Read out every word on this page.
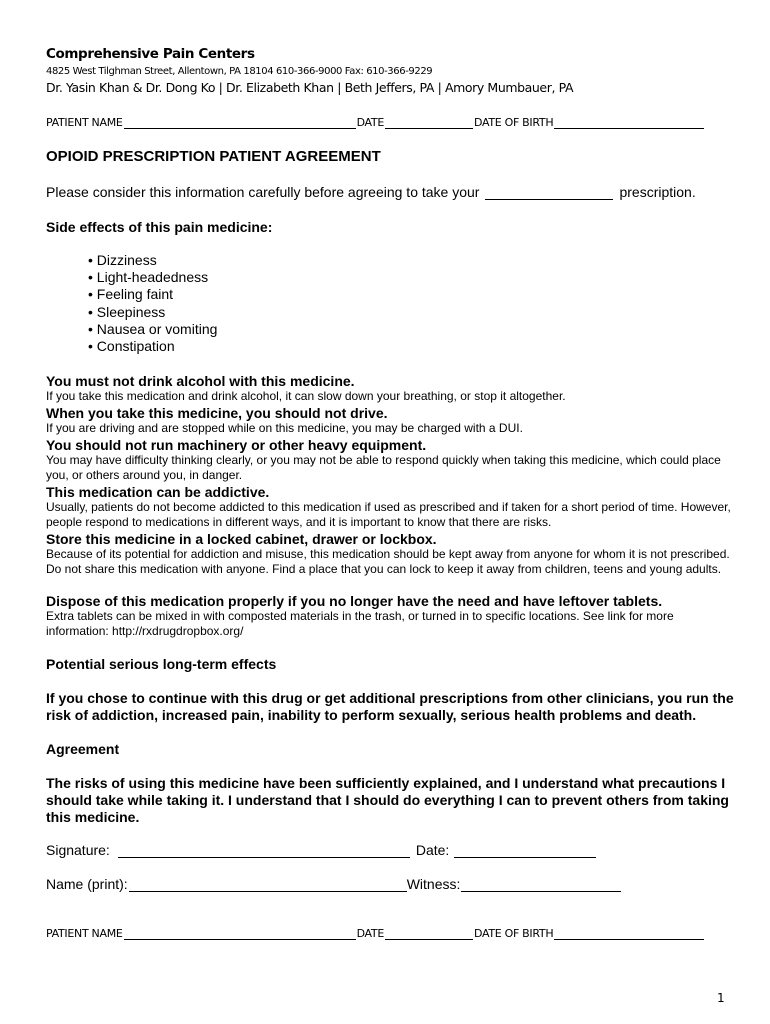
Comprehensive Pain Centers
4825 West Tilghman Street, Allentown, PA 18104 610-366-9000 Fax: 610-366-9229
Dr. Yasin Khan & Dr. Dong Ko | Dr. Elizabeth Khan | Beth Jeffers, PA | Amory Mumbauer, PA
PATIENT NAME	DATE	DATE OF BIRTH
OPIOID PRESCRIPTION PATIENT AGREEMENT
Please consider this information carefully before agreeing to take your	prescription.
Side effects of this pain medicine:
• Dizziness
• Light-headedness
• Feeling faint
• Sleepiness
• Nausea or vomiting
• Constipation
You must not drink alcohol with this medicine.
If you take this medication and drink alcohol, it can slow down your breathing, or stop it altogether.
When you take this medicine, you should not drive.
If you are driving and are stopped while on this medicine, you may be charged with a DUI.
You should not run machinery or other heavy equipment.
You may have difficulty thinking clearly, or you may not be able to respond quickly when taking this medicine, which could place you, or others around you, in danger.
This medication can be addictive.
Usually, patients do not become addicted to this medication if used as prescribed and if taken for a short period of time. However, people respond to medications in different ways, and it is important to know that there are risks.
Store this medicine in a locked cabinet, drawer or lockbox.
Because of its potential for addiction and misuse, this medication should be kept away from anyone for whom it is not prescribed. Do not share this medication with anyone. Find a place that you can lock to keep it away from children, teens and young adults.
Dispose of this medication properly if you no longer have the need and have leftover tablets.
Extra tablets can be mixed in with composted materials in the trash, or turned in to specific locations. See link for more information: http://rxdrugdropbox.org/
Potential serious long-term effects
If you chose to continue with this drug or get additional prescriptions from other clinicians, you run the risk of addiction, increased pain, inability to perform sexually, serious health problems and death.
Agreement
The risks of using this medicine have been sufficiently explained, and I understand what precautions I should take while taking it. I understand that I should do everything I can to prevent others from taking this medicine.
Signature:	Date:
Name (print):	Witness:
PATIENT NAME	DATE	DATE OF BIRTH
1
